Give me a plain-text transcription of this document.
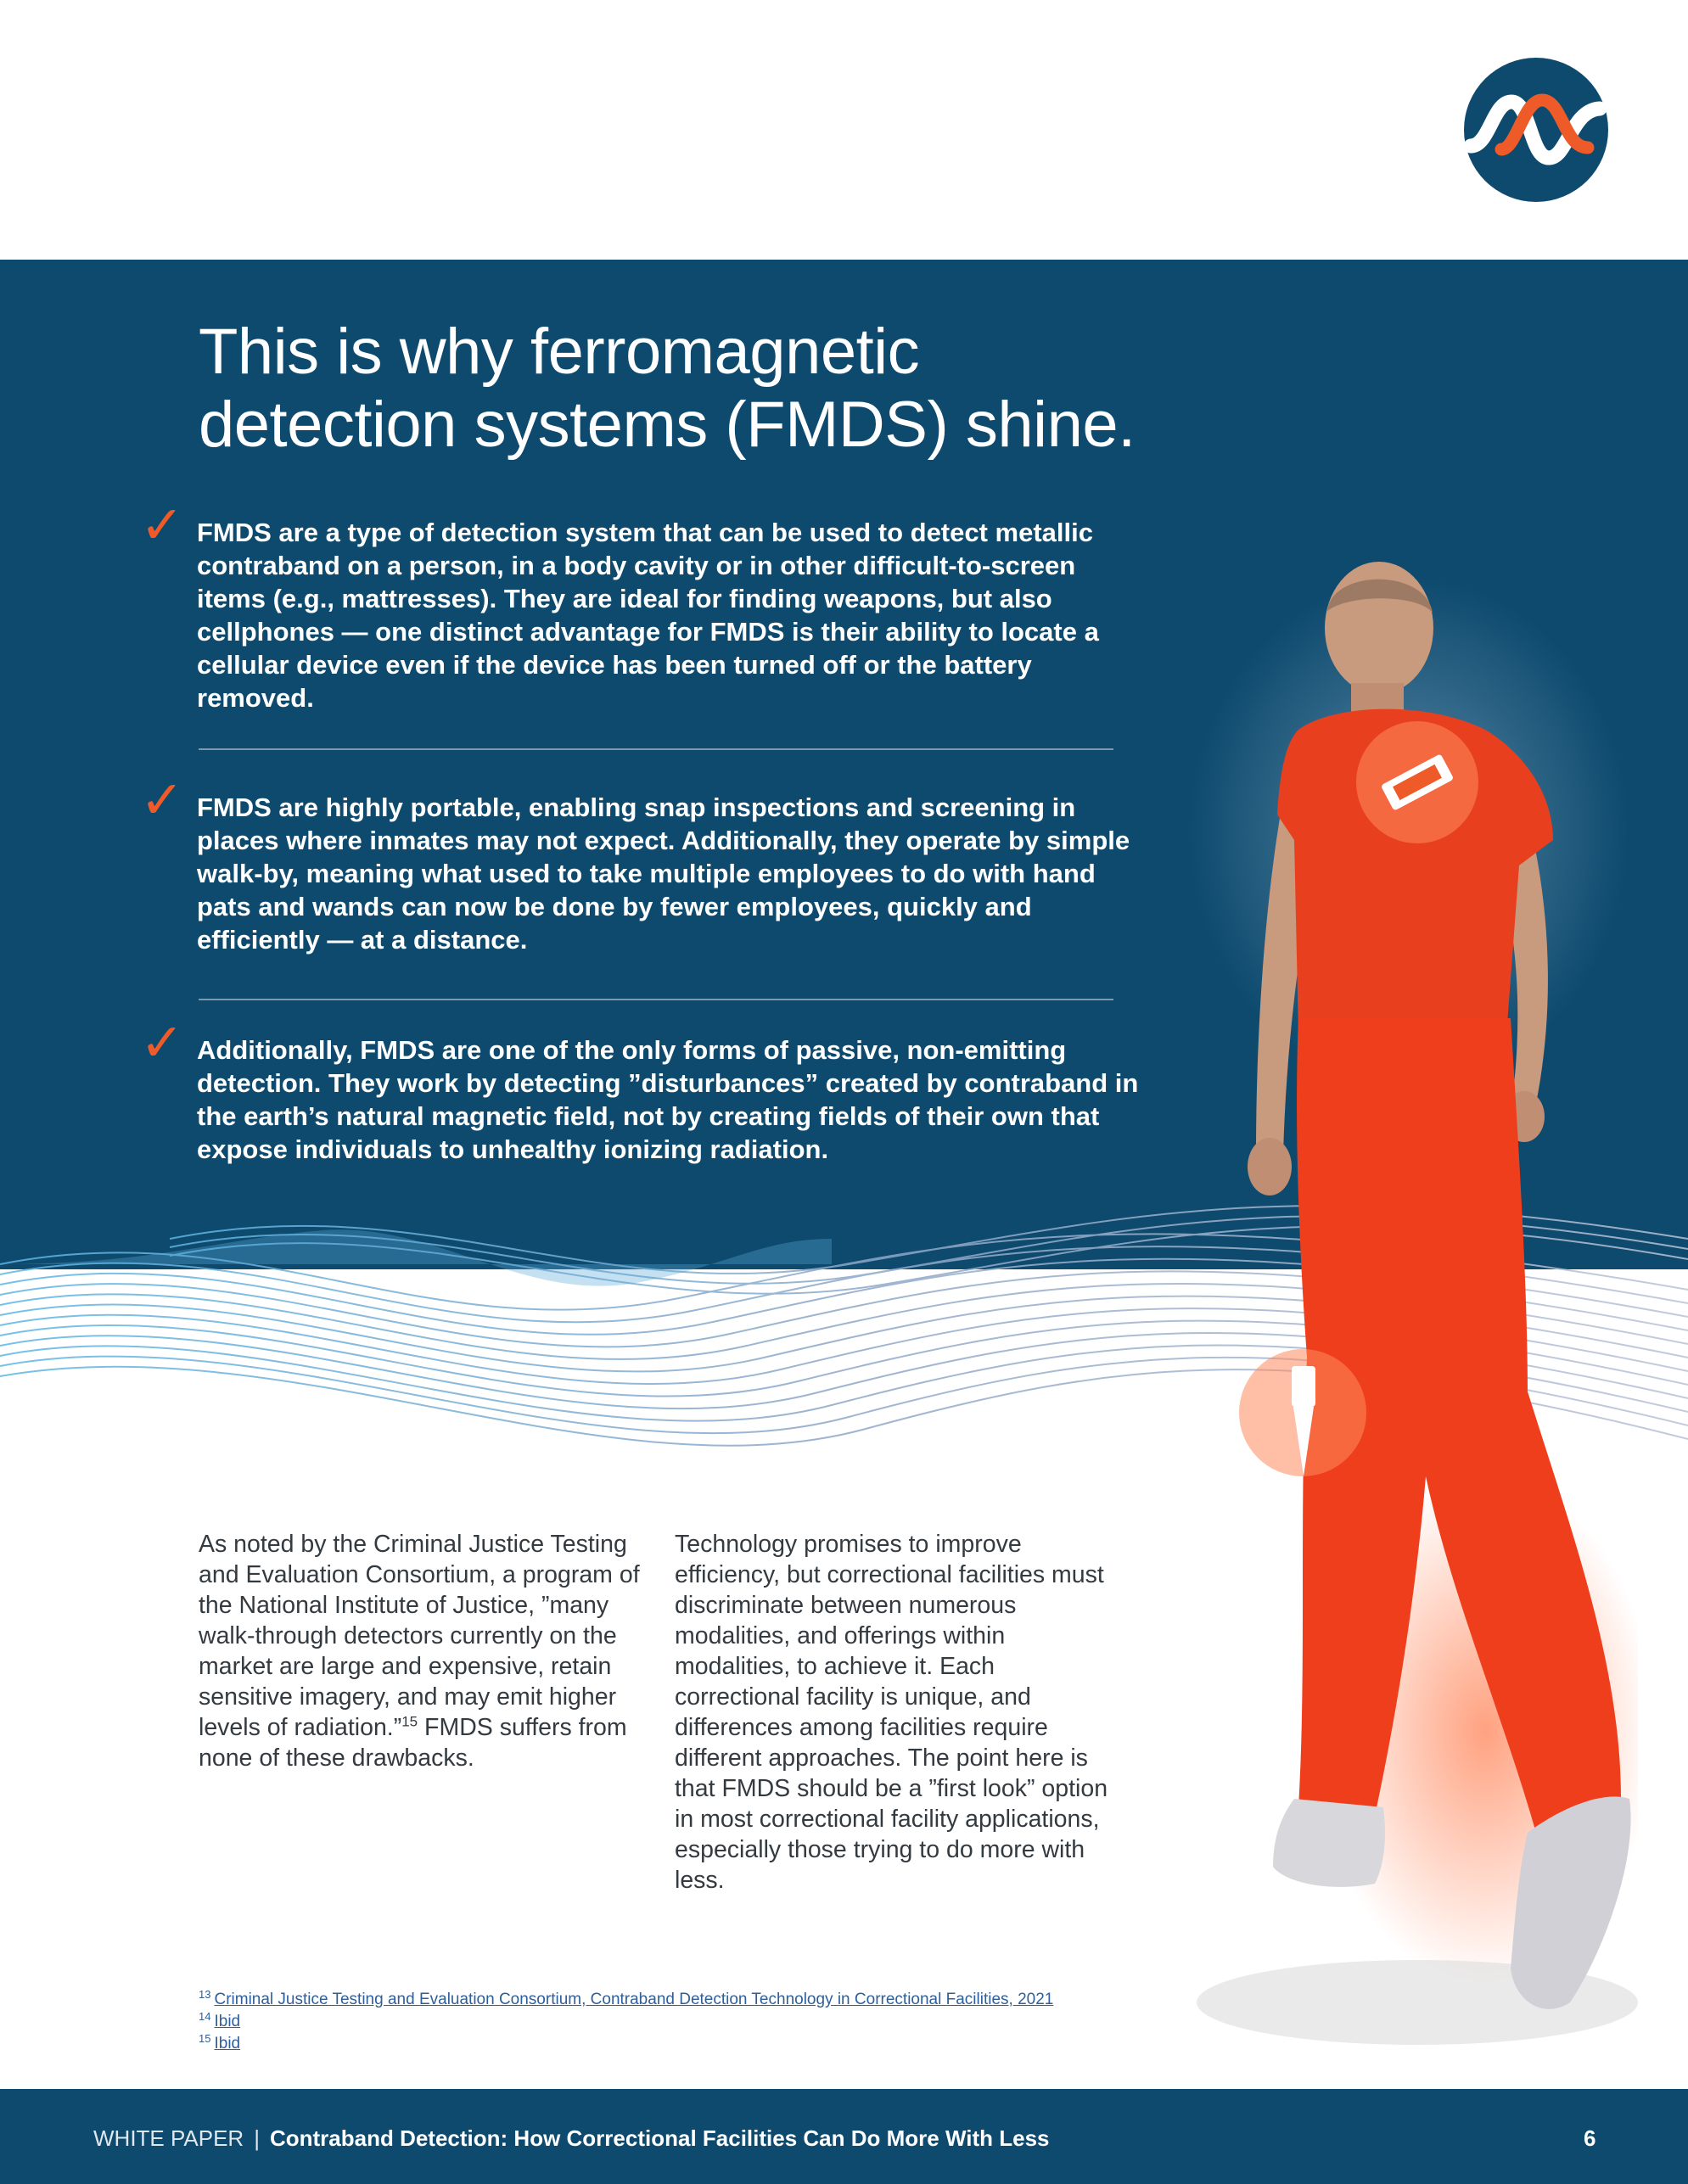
This is why ferromagnetic
detection systems (FMDS) shine.
✓ FMDS are a type of detection system that can be used to detect metallic contraband on a person, in a body cavity or in other difficult-to-screen items (e.g., mattresses). They are ideal for finding weapons, but also cellphones — one distinct advantage for FMDS is their ability to locate a cellular device even if the device has been turned off or the battery removed.

✓ FMDS are highly portable, enabling snap inspections and screening in places where inmates may not expect. Additionally, they operate by simple walk-by, meaning what used to take multiple employees to do with hand pats and wands can now be done by fewer employees, quickly and efficiently — at a distance.

✓ Additionally, FMDS are one of the only forms of passive, non-emitting detection. They work by detecting ”disturbances” created by contraband in the earth’s natural magnetic field, not by creating fields of their own that expose individuals to unhealthy ionizing radiation.

As noted by the Criminal Justice Testing and Evaluation Consortium, a program of the National Institute of Justice, ”many walk-through detectors currently on the market are large and expensive, retain sensitive imagery, and may emit higher levels of radiation.”$^{15}$ FMDS suffers from none of these drawbacks.

Technology promises to improve efficiency, but correctional facilities must discriminate between numerous modalities, and offerings within modalities, to achieve it. Each correctional facility is unique, and differences among facilities require different approaches. The point here is that FMDS should be a ”first look” option in most correctional facility applications, especially those trying to do more with less.

$^{13}$ Criminal Justice Testing and Evaluation Consortium, Contraband Detection Technology in Correctional Facilities, 2021
$^{14}$ Ibid
$^{15}$ Ibid
WHITE PAPER | Contraband Detection: How Correctional Facilities Can Do More With Less	6
